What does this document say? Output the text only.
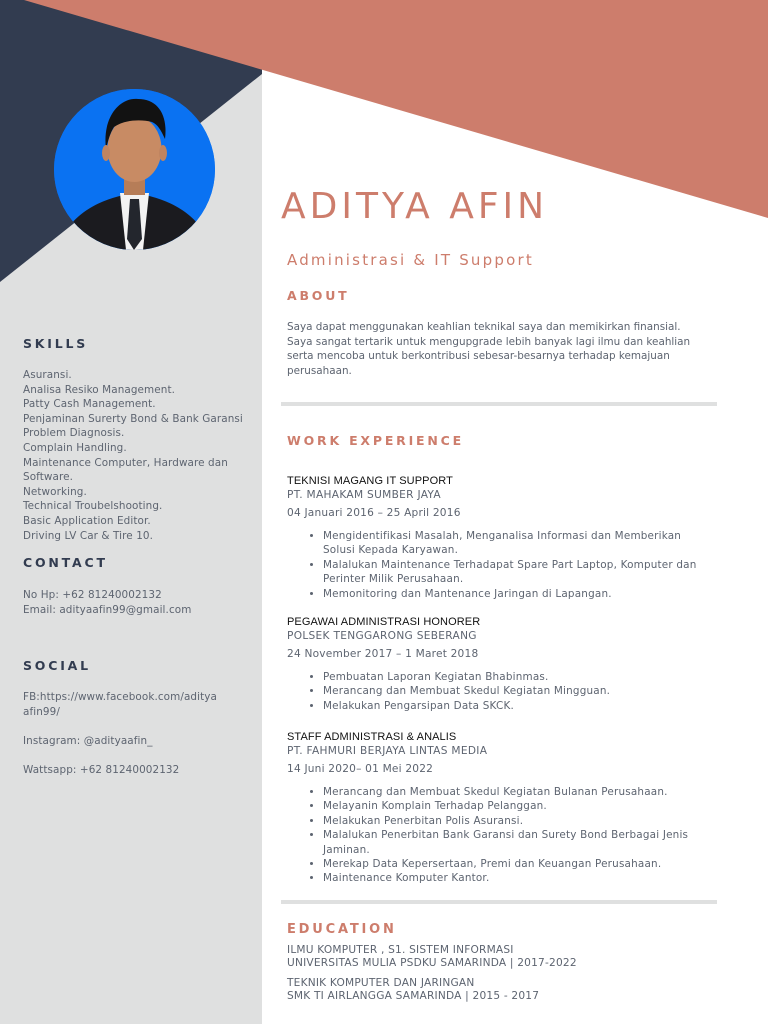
ADITYA AFIN
Administrasi & IT Support
ABOUT
Saya dapat menggunakan keahlian teknikal saya dan memikirkan finansial.
Saya sangat tertarik untuk mengupgrade lebih banyak lagi ilmu dan keahlian
serta mencoba untuk berkontribusi sebesar-besarnya terhadap kemajuan
perusahaan.
WORK EXPERIENCE
TEKNISI MAGANG IT SUPPORT
PT. MAHAKAM SUMBER JAYA
04 Januari 2016 – 25 April 2016
• Mengidentifikasi Masalah, Menganalisa Informasi dan Memberikan Solusi Kepada Karyawan.
• Malalukan Maintenance Terhadapat Spare Part Laptop, Komputer dan Perinter Milik Perusahaan.
• Memonitoring dan Mantenance Jaringan di Lapangan.
PEGAWAI ADMINISTRASI HONORER
POLSEK TENGGARONG SEBERANG
24 November 2017 – 1 Maret 2018
• Pembuatan Laporan Kegiatan Bhabinmas.
• Merancang dan Membuat Skedul Kegiatan Mingguan.
• Melakukan Pengarsipan Data SKCK.
STAFF ADMINISTRASI & ANALIS
PT. FAHMURI BERJAYA LINTAS MEDIA
14 Juni 2020– 01 Mei 2022
• Merancang dan Membuat Skedul Kegiatan Bulanan Perusahaan.
• Melayanin Komplain Terhadap Pelanggan.
• Melakukan Penerbitan Polis Asuransi.
• Malalukan Penerbitan Bank Garansi dan Surety Bond Berbagai Jenis Jaminan.
• Merekap Data Kepersertaan, Premi dan Keuangan Perusahaan.
• Maintenance Komputer Kantor.
EDUCATION
ILMU KOMPUTER , S1. SISTEM INFORMASI
UNIVERSITAS MULIA PSDKU SAMARINDA | 2017-2022
TEKNIK KOMPUTER DAN JARINGAN
SMK TI AIRLANGGA SAMARINDA | 2015 - 2017
SKILLS
Asuransi.
Analisa Resiko Management.
Patty Cash Management.
Penjaminan Surerty Bond & Bank Garansi
Problem Diagnosis.
Complain Handling.
Maintenance Computer, Hardware dan
Software.
Networking.
Technical Troubelshooting.
Basic Application Editor.
Driving LV Car & Tire 10.
CONTACT
No Hp: +62 81240002132
Email: adityaafin99@gmail.com
SOCIAL
FB:https://www.facebook.com/aditya
afin99/
Instagram: @adityaafin_
Wattsapp: +62 81240002132
